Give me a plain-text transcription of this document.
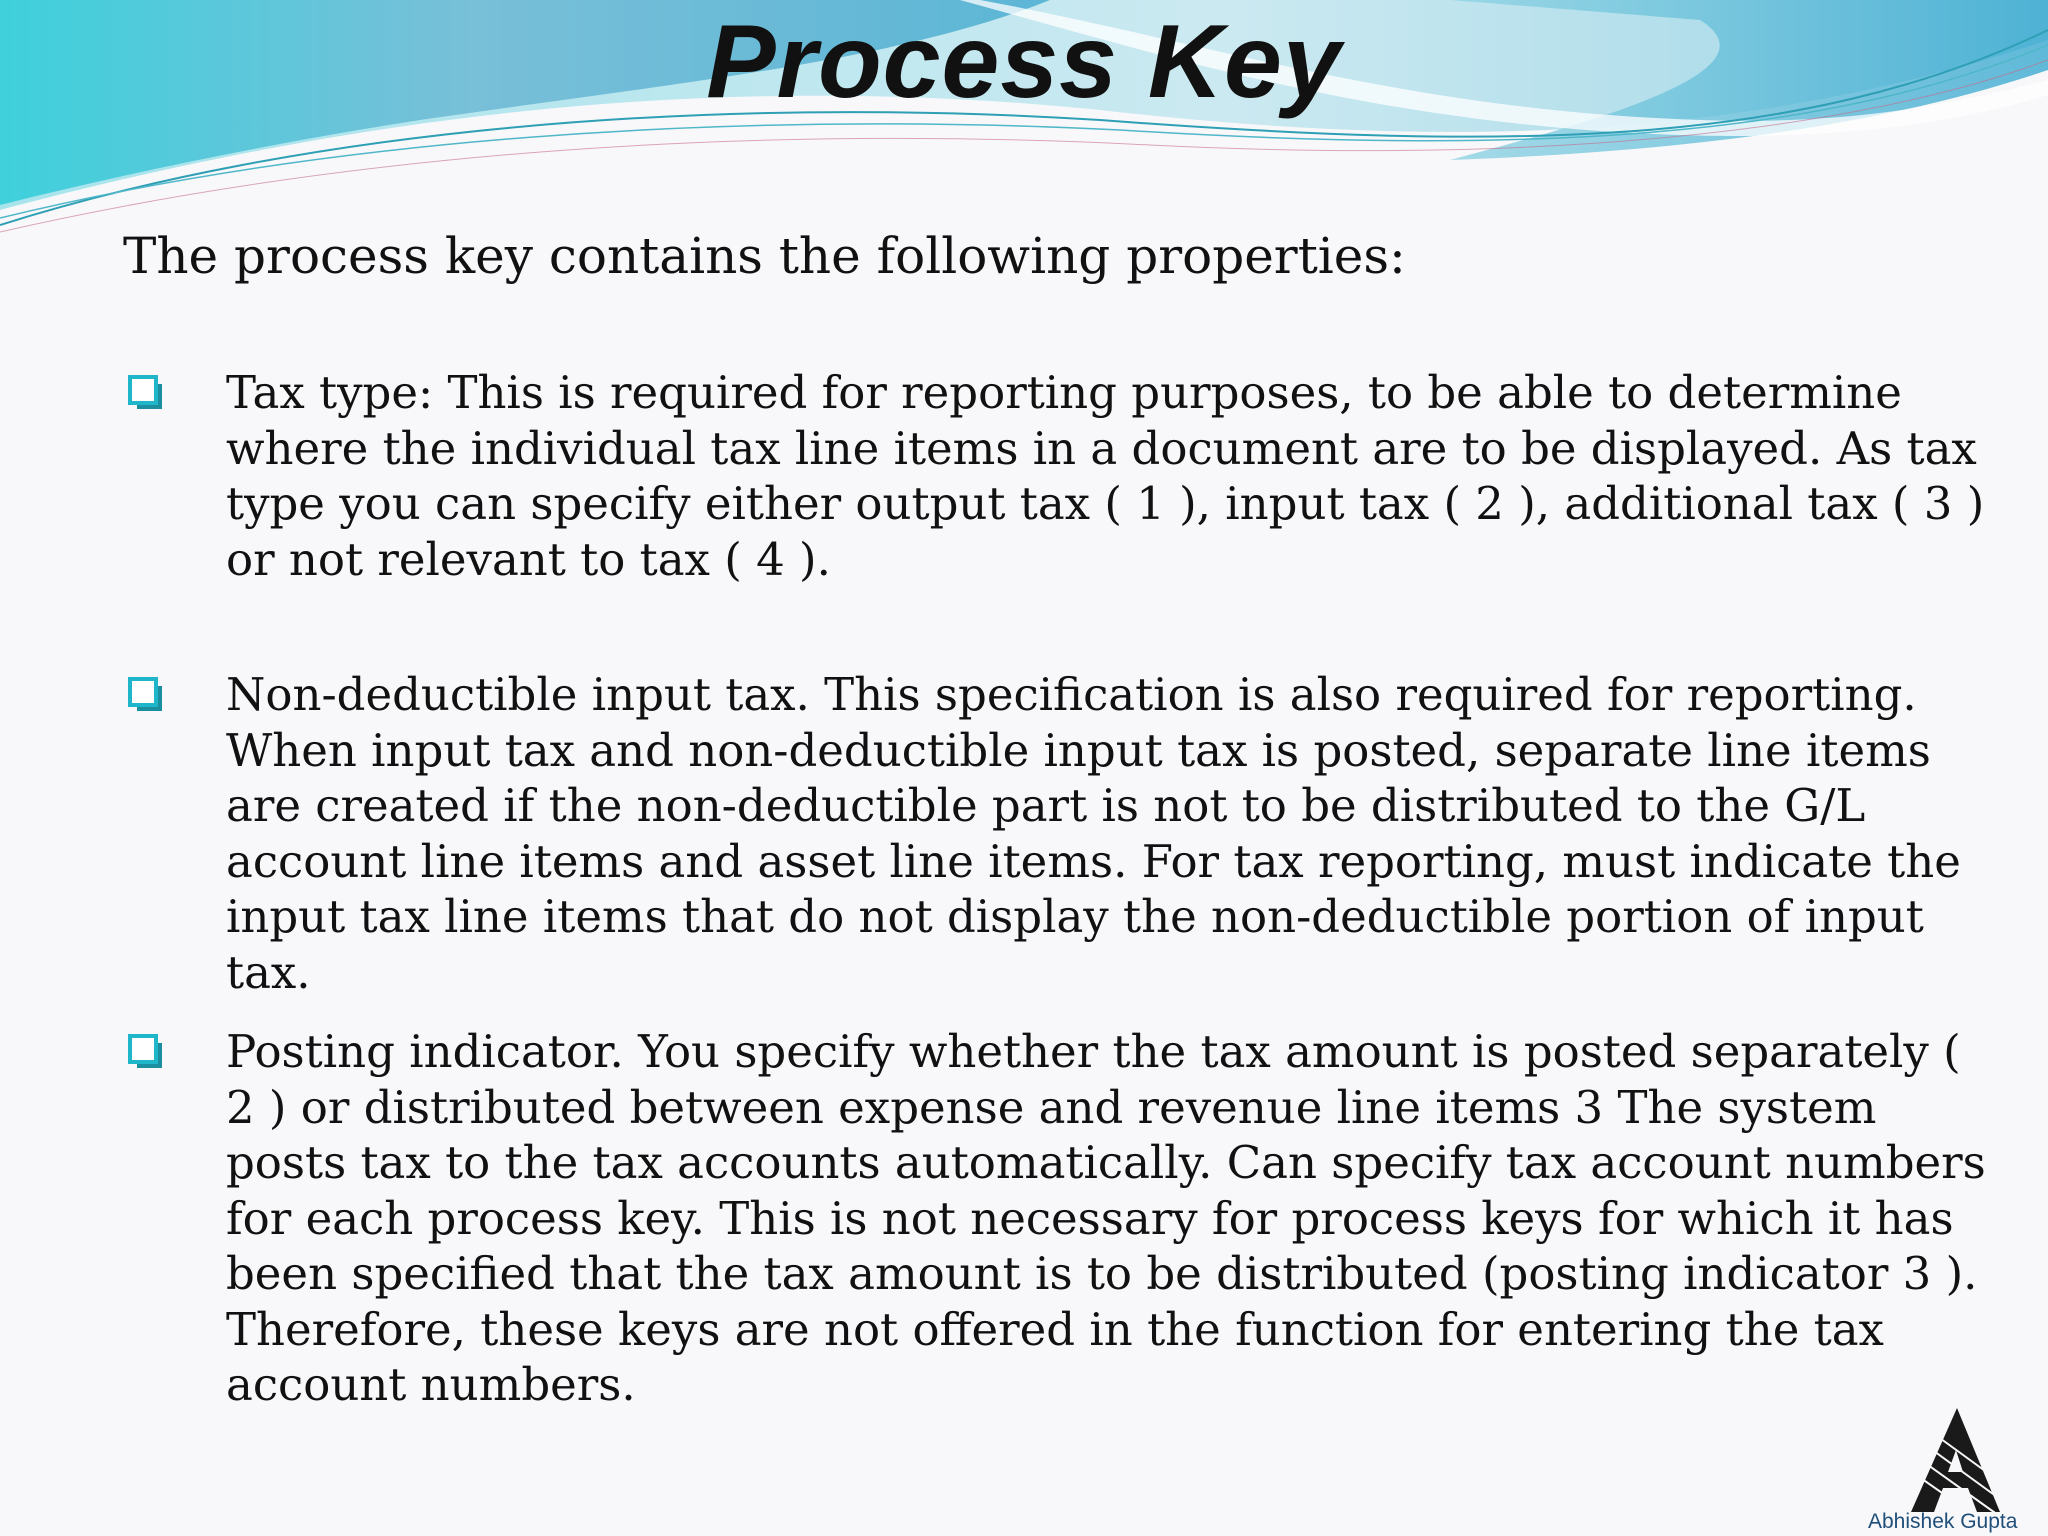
Process Key
The process key contains the following properties:
Tax type: This is required for reporting purposes, to be able to determine where the individual tax line items in a document are to be displayed. As tax type you can specify either output tax ( 1 ), input tax ( 2 ), additional tax ( 3 ) or not relevant to tax ( 4 ).
Non-deductible input tax. This specification is also required for reporting. When input tax and non-deductible input tax is posted, separate line items are created if the non-deductible part is not to be distributed to the G/L account line items and asset line items. For tax reporting, must indicate the input tax line items that do not display the non-deductible portion of input tax.
Posting indicator. You specify whether the tax amount is posted separately ( 2 ) or distributed between expense and revenue line items 3 The system posts tax to the tax accounts automatically. Can specify tax account numbers for each process key. This is not necessary for process keys for which it has been specified that the tax amount is to be distributed (posting indicator 3 ). Therefore, these keys are not offered in the function for entering the tax account numbers.
Abhishek Gupta
